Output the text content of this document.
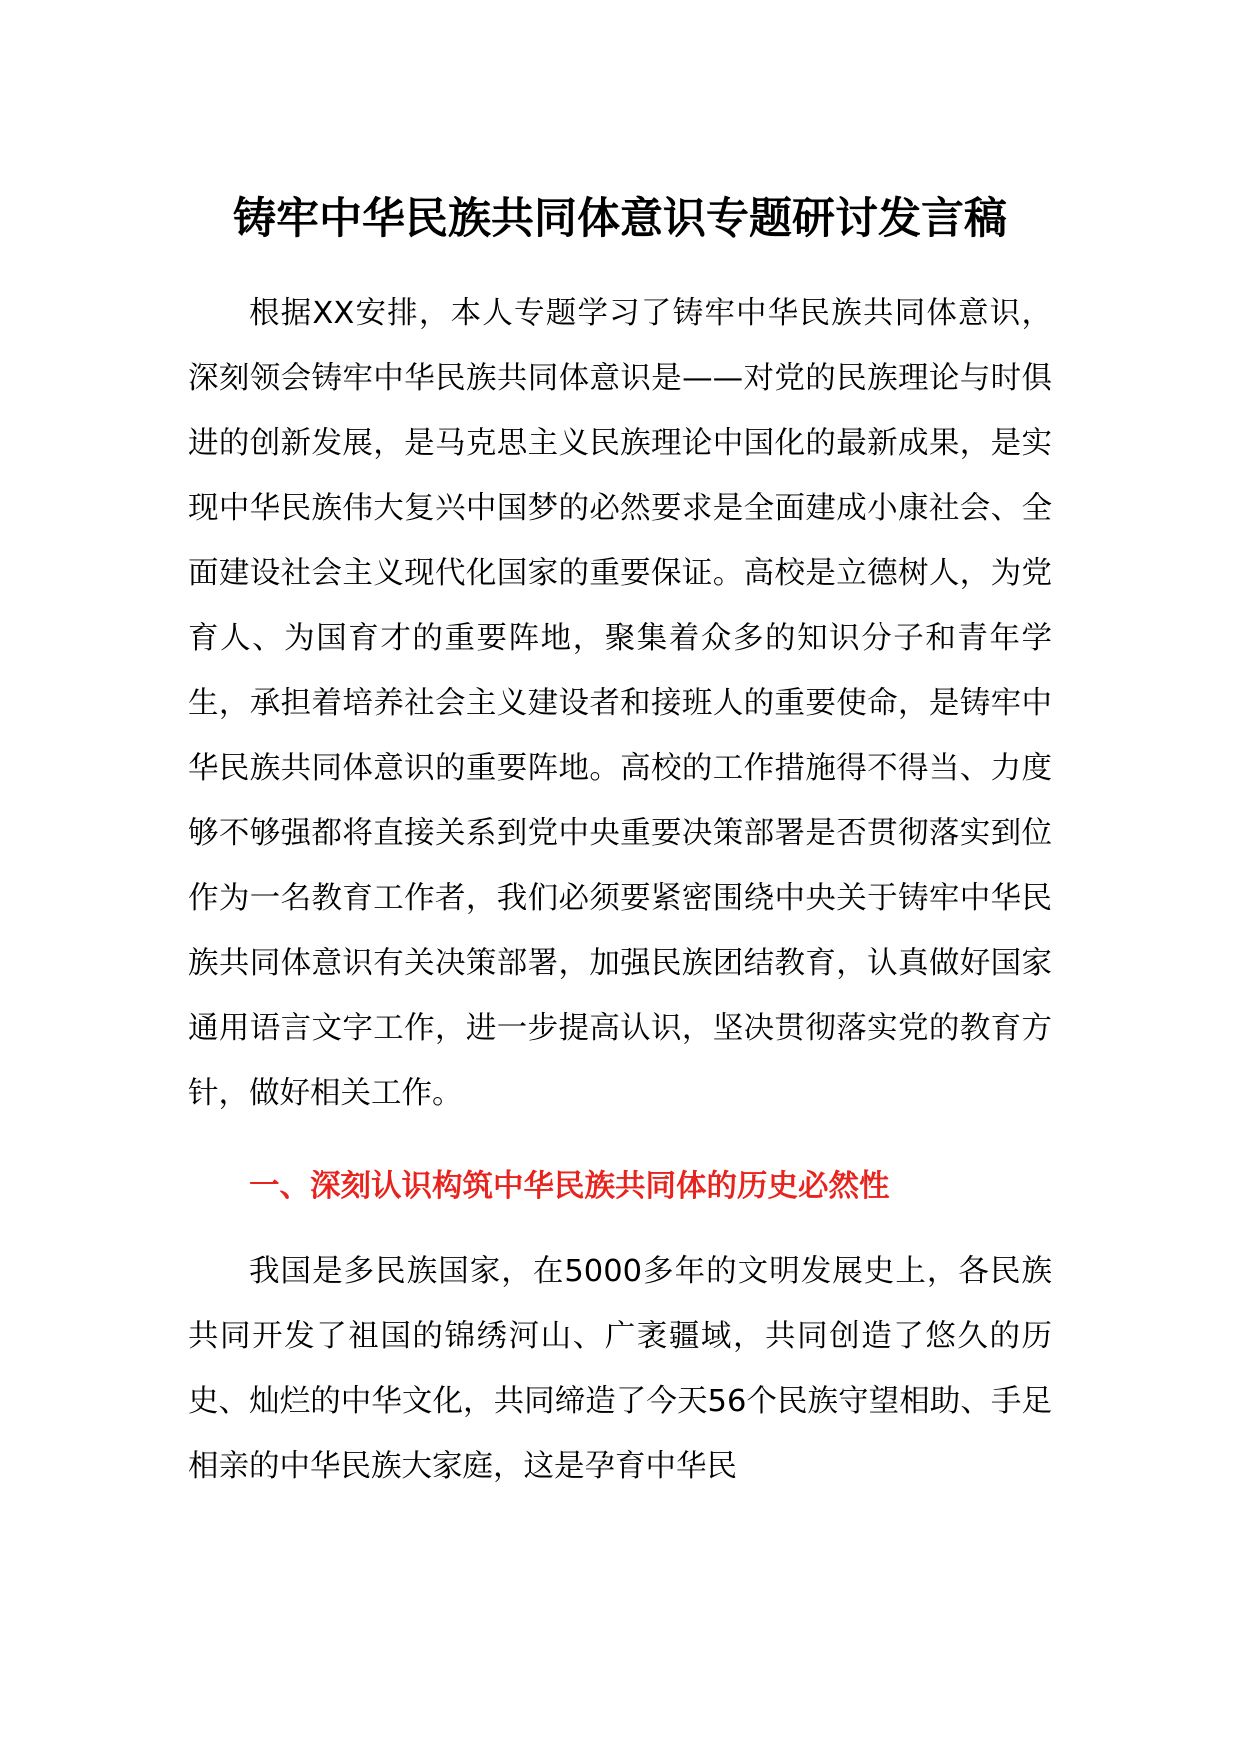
铸牢中华民族共同体意识专题研讨发言稿

根据XX安排，本人专题学习了铸牢中华民族共同体意识，深刻领会铸牢中华民族共同体意识是——对党的民族理论与时俱进的创新发展，是马克思主义民族理论中国化的最新成果，是实现中华民族伟大复兴中国梦的必然要求是全面建成小康社会、全面建设社会主义现代化国家的重要保证。高校是立德树人，为党育人、为国育才的重要阵地，聚集着众多的知识分子和青年学生，承担着培养社会主义建设者和接班人的重要使命，是铸牢中华民族共同体意识的重要阵地。高校的工作措施得不得当、力度够不够强都将直接关系到党中央重要决策部署是否贯彻落实到位作为一名教育工作者，我们必须要紧密围绕中央关于铸牢中华民族共同体意识有关决策部署，加强民族团结教育，认真做好国家通用语言文字工作，进一步提高认识，坚决贯彻落实党的教育方针，做好相关工作。

一、深刻认识构筑中华民族共同体的历史必然性

我国是多民族国家，在5000多年的文明发展史上，各民族共同开发了祖国的锦绣河山、广袤疆域，共同创造了悠久的历史、灿烂的中华文化，共同缔造了今天56个民族守望相助、手足相亲的中华民族大家庭，这是孕育中华民
